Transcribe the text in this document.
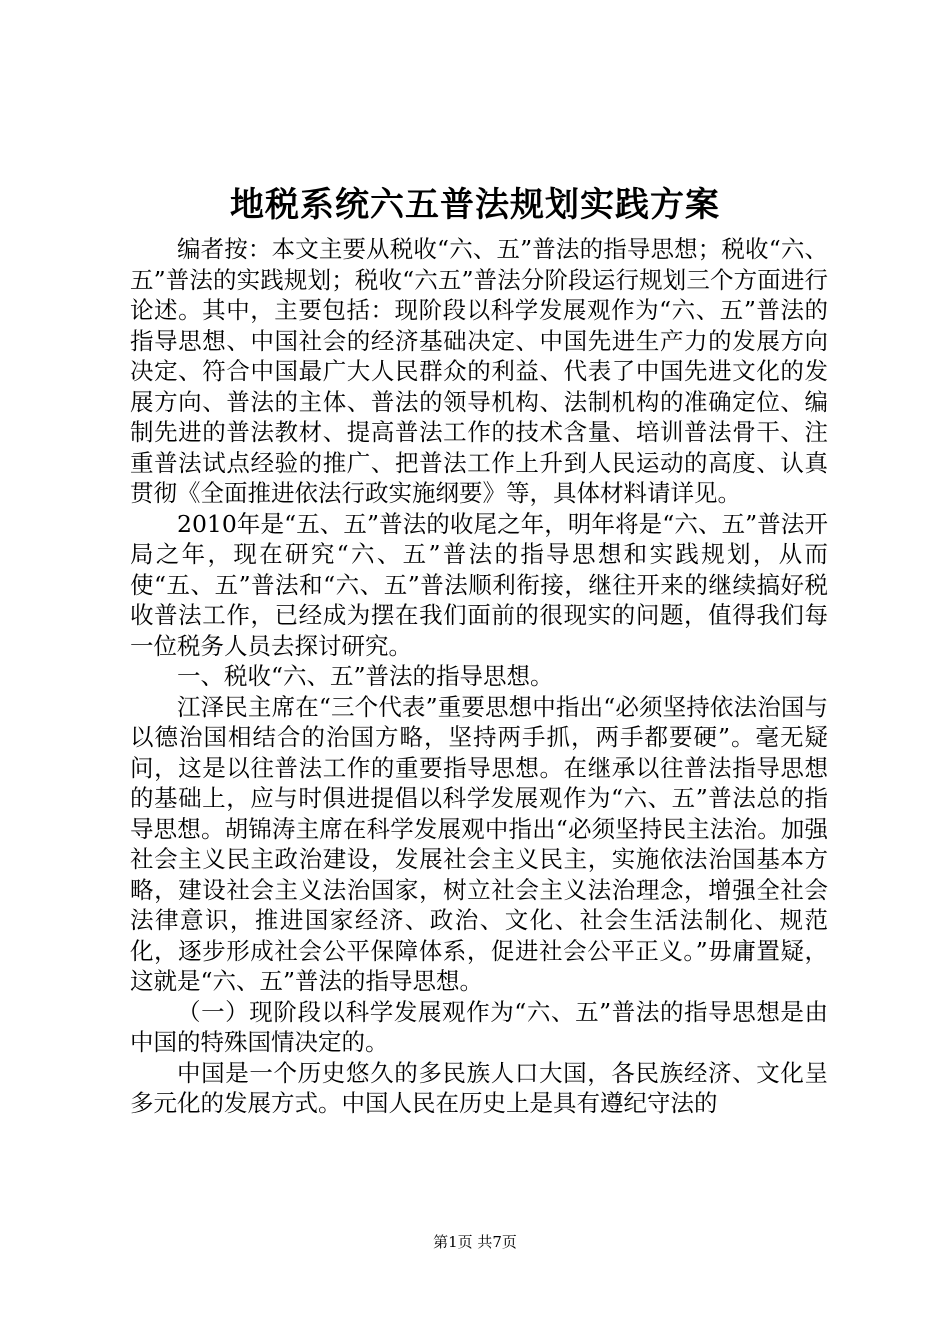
地税系统六五普法规划实践方案

编者按：本文主要从税收“六、五”普法的指导思想；税收“六、五”普法的实践规划；税收“六五”普法分阶段运行规划三个方面进行论述。其中，主要包括：现阶段以科学发展观作为“六、五”普法的指导思想、中国社会的经济基础决定、中国先进生产力的发展方向决定、符合中国最广大人民群众的利益、代表了中国先进文化的发展方向、普法的主体、普法的领导机构、法制机构的准确定位、编制先进的普法教材、提高普法工作的技术含量、培训普法骨干、注重普法试点经验的推广、把普法工作上升到人民运动的高度、认真贯彻《全面推进依法行政实施纲要》等，具体材料请详见。

2010年是“五、五”普法的收尾之年，明年将是“六、五”普法开局之年，现在研究“六、五”普法的指导思想和实践规划，从而使“五、五”普法和“六、五”普法顺利衔接，继往开来的继续搞好税收普法工作，已经成为摆在我们面前的很现实的问题，值得我们每一位税务人员去探讨研究。

一、税收“六、五”普法的指导思想。

江泽民主席在“三个代表”重要思想中指出“必须坚持依法治国与以德治国相结合的治国方略，坚持两手抓，两手都要硬”。毫无疑问，这是以往普法工作的重要指导思想。在继承以往普法指导思想的基础上，应与时俱进提倡以科学发展观作为“六、五”普法总的指导思想。胡锦涛主席在科学发展观中指出“必须坚持民主法治。加强社会主义民主政治建设，发展社会主义民主，实施依法治国基本方略，建设社会主义法治国家，树立社会主义法治理念，增强全社会法律意识，推进国家经济、政治、文化、社会生活法制化、规范化，逐步形成社会公平保障体系，促进社会公平正义。”毋庸置疑，这就是“六、五”普法的指导思想。

（一）现阶段以科学发展观作为“六、五”普法的指导思想是由中国的特殊国情决定的。

中国是一个历史悠久的多民族人口大国，各民族经济、文化呈多元化的发展方式。中国人民在历史上是具有遵纪守法的

第1页 共7页
